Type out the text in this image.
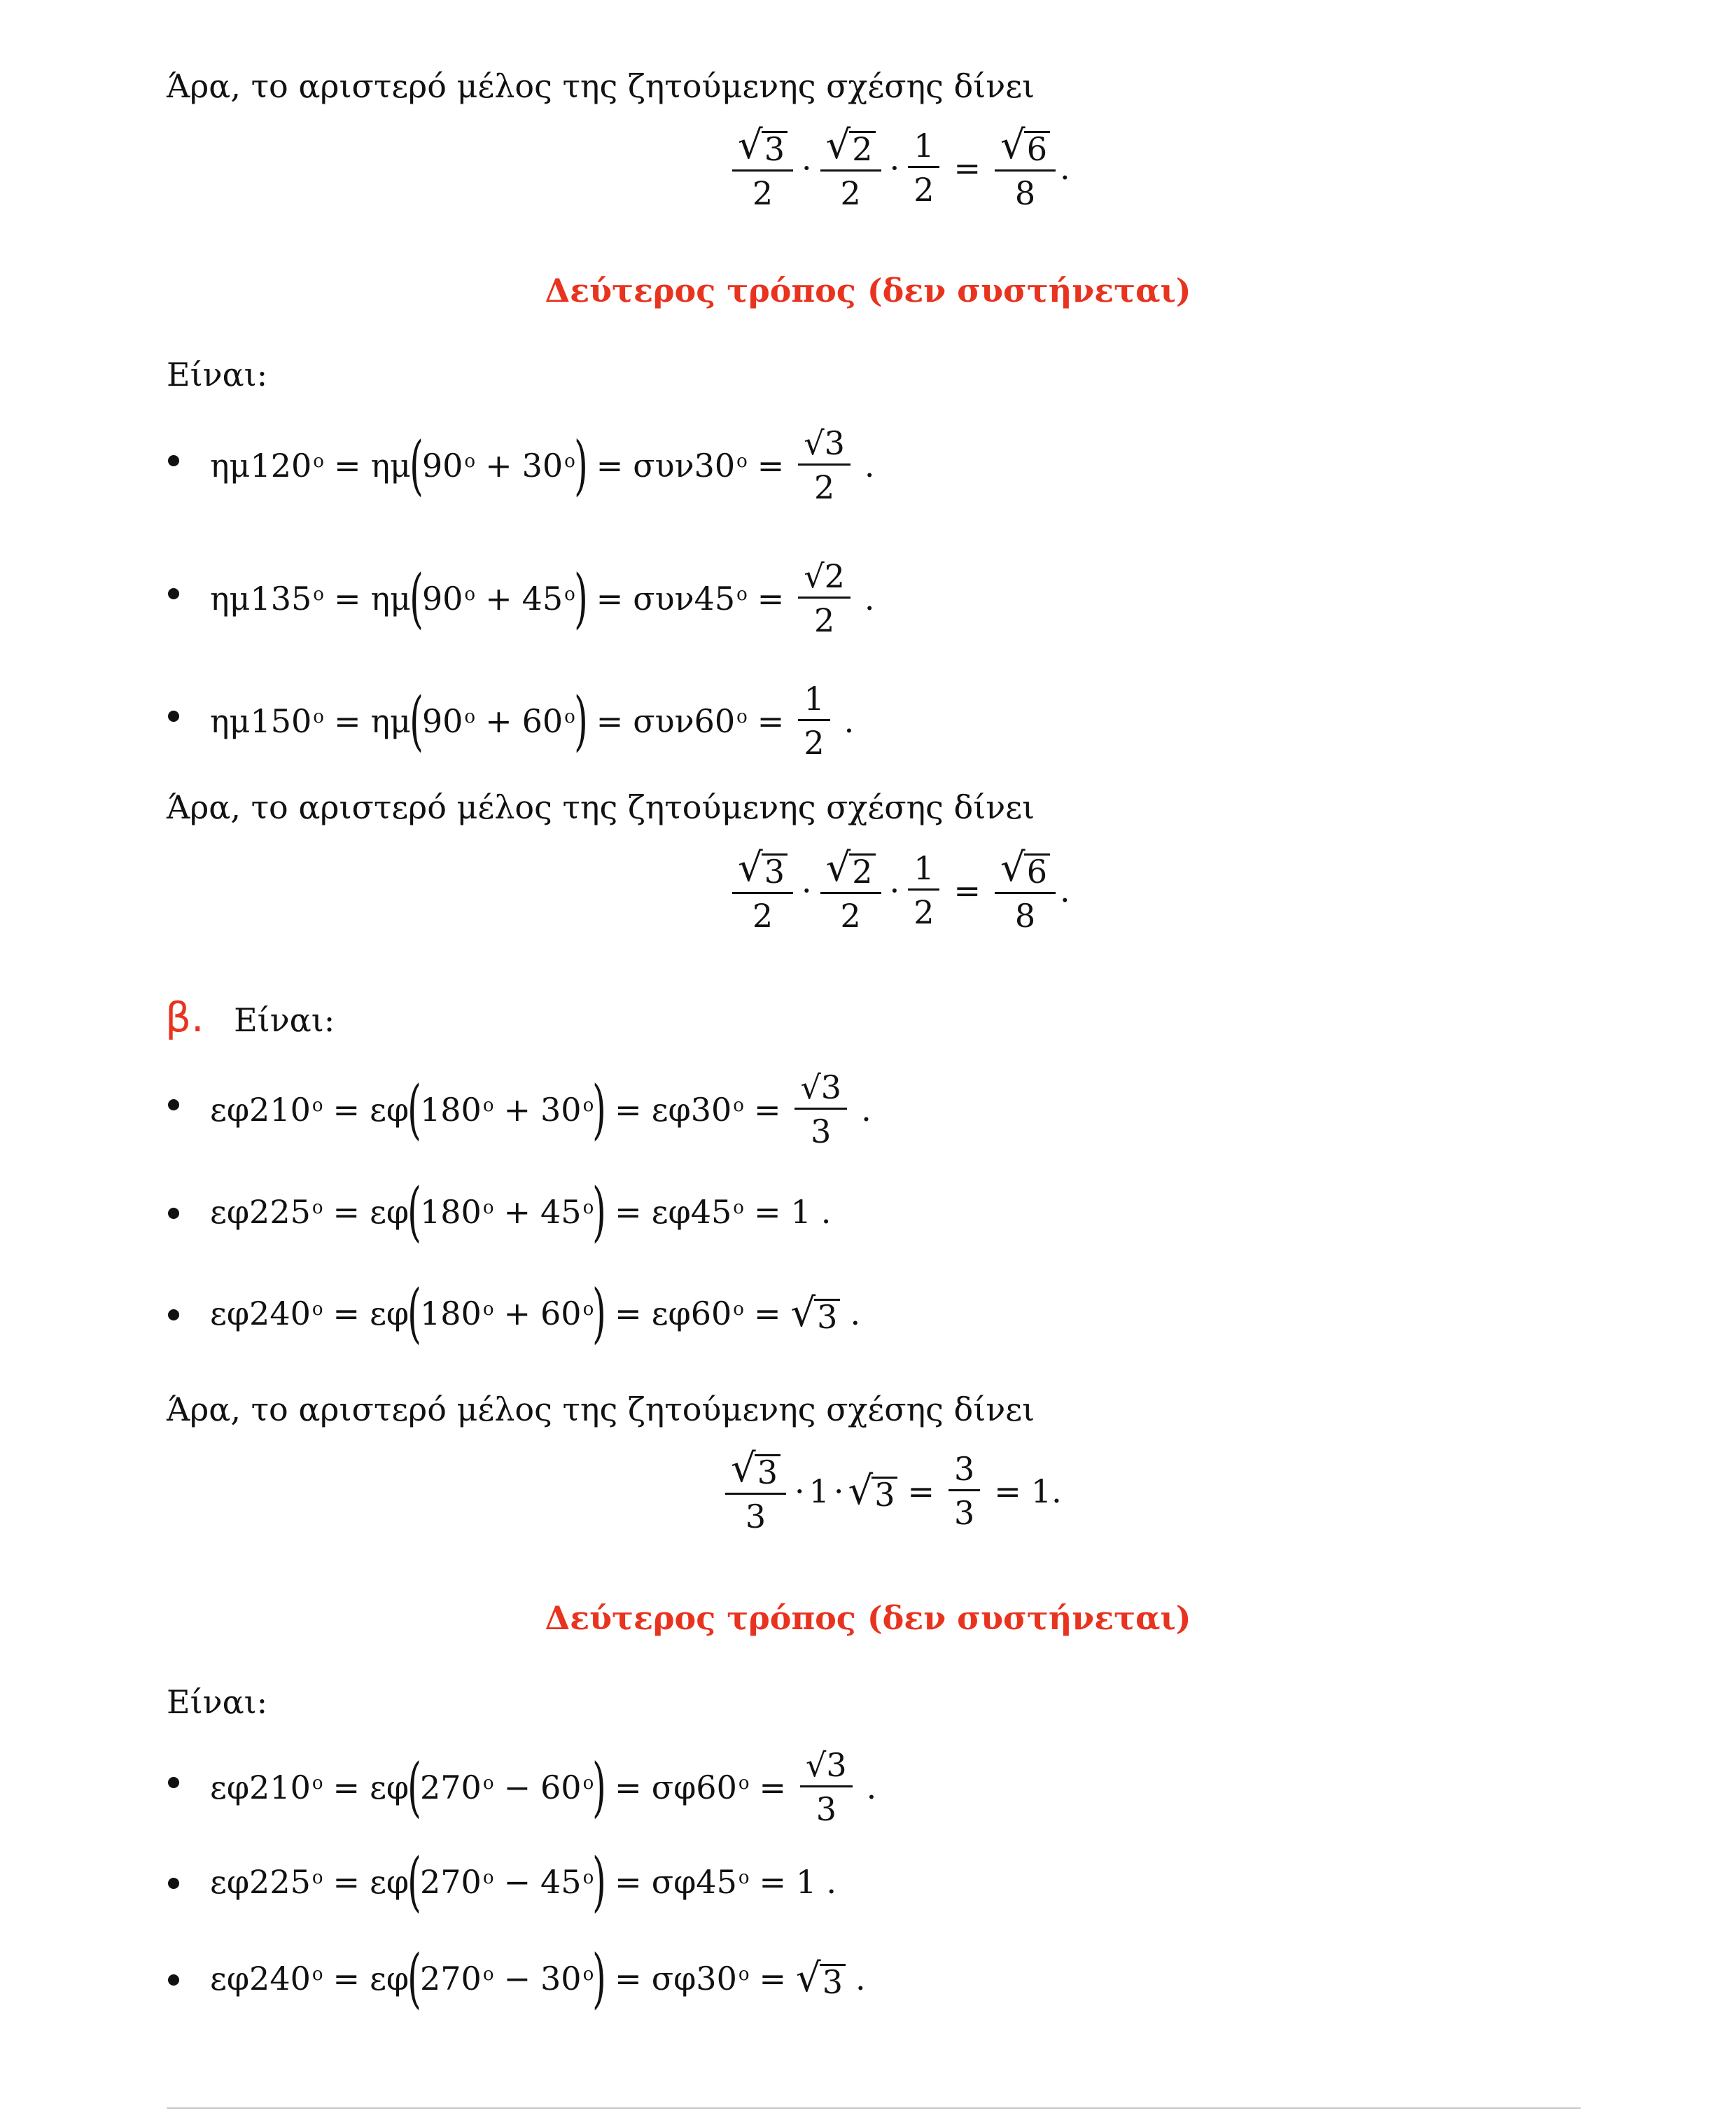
Άρα, το αριστερό μέλος της ζητούμενης σχέσης δίνει
$\frac{√ 3}{2} \cdot \frac{√ 2}{2} \cdot \frac{1}{2} = \frac{√ 6}{8}$ .
Δεύτερος τρόπος (δεν συστήνεται)
Είναι:
Άρα, το αριστερό μέλος της ζητούμενης σχέσης δίνει
$\frac{√ 3}{2} \cdot \frac{√ 2}{2} \cdot \frac{1}{2} = \frac{√ 6}{8}$ .
β. Είναι:
Άρα, το αριστερό μέλος της ζητούμενης σχέσης δίνει
$\frac{√ 3}{3} \cdot 1$ · √ $3 = \frac{3}{3} = 1$ .
Δεύτερος τρόπος (δεν συστήνεται)
Είναι:
ημ 120 ο = ημ
(
90 ο + 30 ο
) = συν 30 $o = \frac{√3}{2}$ .
ημ 135 ο = ημ
(
90 ο + 45 ο
) = συν 45 $o = \frac{√2}{2}$ .
ημ 150 ο = ημ
(
90 ο + 60 ο
) = συν 60 $o = \frac{1}{2}$ .
εφ 210 ο = εφ
(
180 ο + 30 ο
) = εφ 30 $o = \frac{√3}{3}$ .
εφ 225 ο = εφ
(
180 ο + 45 ο
) = εφ 45 ο = 1 .
εφ 240 ο = εφ
(
180 ο + 60 ο
) = εφ 60 ο = √ 3 .
εφ 210 ο = εφ
(
270 ο − 60 ο
) = σφ 60 $o = \frac{√3}{3}$ .
εφ 225 ο = εφ
(
270 ο − 45 ο
) = σφ 45 ο = 1 .
εφ 240 ο = εφ
(
270 ο − 30 ο
) = σφ 30 ο = √ 3 .
